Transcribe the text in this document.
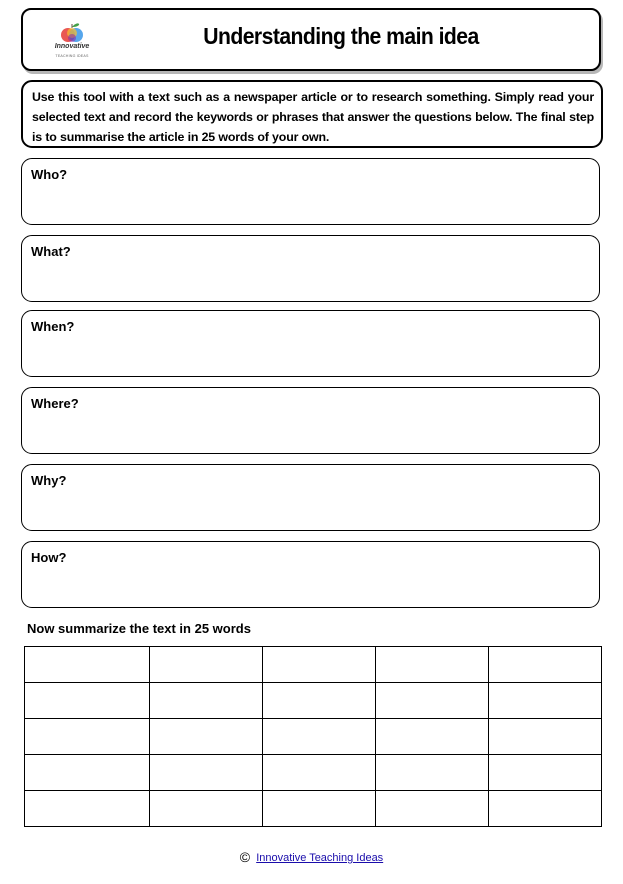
Innovative
TEACHING IDEAS
Understanding the main idea
Use this tool with a text such as a newspaper article or to research something. Simply read your selected text and record the keywords or phrases that answer the questions below. The final step is to summarise the article in 25 words of your own.
Who?
What?
When?
Where?
Why?
How?
Now summarize the text in 25 words

© Innovative Teaching Ideas
